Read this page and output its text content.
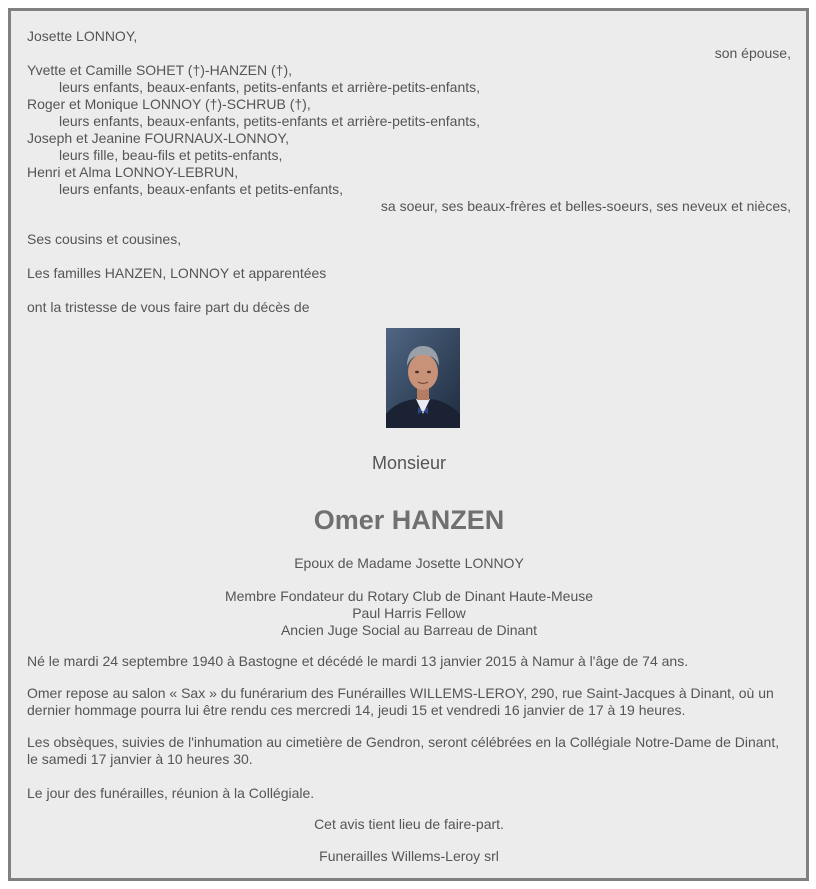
Josette LONNOY,
son épouse,
Yvette et Camille SOHET (†)-HANZEN (†),
leurs enfants, beaux-enfants, petits-enfants et arrière-petits-enfants,
Roger et Monique LONNOY (†)-SCHRUB (†),
leurs enfants, beaux-enfants, petits-enfants et arrière-petits-enfants,
Joseph et Jeanine FOURNAUX-LONNOY,
leurs fille, beau-fils et petits-enfants,
Henri et Alma LONNOY-LEBRUN,
leurs enfants, beaux-enfants et petits-enfants,
sa soeur, ses beaux-frères et belles-soeurs, ses neveux et nièces,
Ses cousins et cousines,
Les familles HANZEN, LONNOY et apparentées
ont la tristesse de vous faire part du décès de
Monsieur
Omer HANZEN
Epoux de Madame Josette LONNOY
Membre Fondateur du Rotary Club de Dinant Haute-Meuse
Paul Harris Fellow
Ancien Juge Social au Barreau de Dinant
Né le mardi 24 septembre 1940 à Bastogne et décédé le mardi 13 janvier 2015 à Namur à l'âge de 74 ans.
Omer repose au salon « Sax » du funérarium des Funérailles WILLEMS-LEROY, 290, rue Saint-Jacques à Dinant, où un dernier hommage pourra lui être rendu ces mercredi 14, jeudi 15 et vendredi 16 janvier de 17 à 19 heures.
Les obsèques, suivies de l'inhumation au cimetière de Gendron, seront célébrées en la Collégiale Notre-Dame de Dinant, le samedi 17 janvier à 10 heures 30.
Le jour des funérailles, réunion à la Collégiale.
Cet avis tient lieu de faire-part.
Funerailles Willems-Leroy srl
